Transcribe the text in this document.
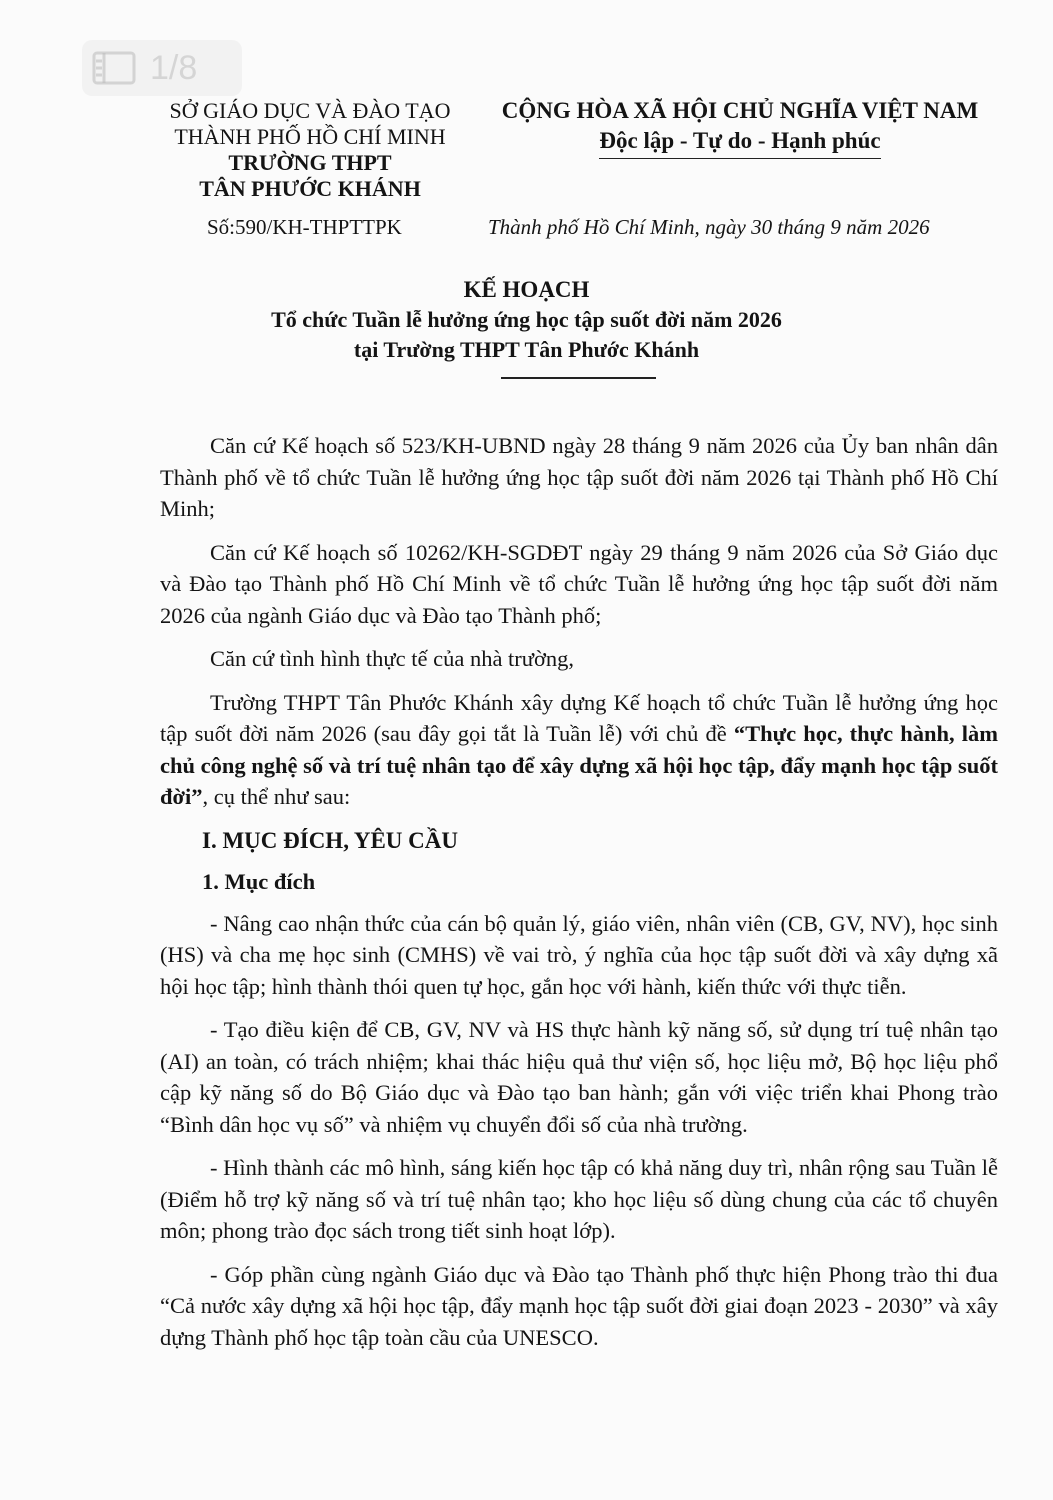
1/8
SỞ GIÁO DỤC VÀ ĐÀO TẠO
THÀNH PHỐ HỒ CHÍ MINH
TRƯỜNG THPT
TÂN PHƯỚC KHÁNH
CỘNG HÒA XÃ HỘI CHỦ NGHĨA VIỆT NAM
Độc lập - Tự do - Hạnh phúc
Số:590/KH-THPTTPK	Thành phố Hồ Chí Minh, ngày 30 tháng 9 năm 2026
KẾ HOẠCH
Tổ chức Tuần lễ hưởng ứng học tập suốt đời năm 2026
tại Trường THPT Tân Phước Khánh

Căn cứ Kế hoạch số 523/KH-UBND ngày 28 tháng 9 năm 2026 của Ủy ban nhân dân Thành phố về tổ chức Tuần lễ hưởng ứng học tập suốt đời năm 2026 tại Thành phố Hồ Chí Minh;

Căn cứ Kế hoạch số 10262/KH-SGDĐT ngày 29 tháng 9 năm 2026 của Sở Giáo dục và Đào tạo Thành phố Hồ Chí Minh về tổ chức Tuần lễ hưởng ứng học tập suốt đời năm 2026 của ngành Giáo dục và Đào tạo Thành phố;

Căn cứ tình hình thực tế của nhà trường,

Trường THPT Tân Phước Khánh xây dựng Kế hoạch tổ chức Tuần lễ hưởng ứng học tập suốt đời năm 2026 (sau đây gọi tắt là Tuần lễ) với chủ đề “Thực học, thực hành, làm chủ công nghệ số và trí tuệ nhân tạo để xây dựng xã hội học tập, đẩy mạnh học tập suốt đời”, cụ thể như sau:

I. MỤC ĐÍCH, YÊU CẦU
1. Mục đích

- Nâng cao nhận thức của cán bộ quản lý, giáo viên, nhân viên (CB, GV, NV), học sinh (HS) và cha mẹ học sinh (CMHS) về vai trò, ý nghĩa của học tập suốt đời và xây dựng xã hội học tập; hình thành thói quen tự học, gắn học với hành, kiến thức với thực tiễn.

- Tạo điều kiện để CB, GV, NV và HS thực hành kỹ năng số, sử dụng trí tuệ nhân tạo (AI) an toàn, có trách nhiệm; khai thác hiệu quả thư viện số, học liệu mở, Bộ học liệu phổ cập kỹ năng số do Bộ Giáo dục và Đào tạo ban hành; gắn với việc triển khai Phong trào “Bình dân học vụ số” và nhiệm vụ chuyển đổi số của nhà trường.

- Hình thành các mô hình, sáng kiến học tập có khả năng duy trì, nhân rộng sau Tuần lễ (Điểm hỗ trợ kỹ năng số và trí tuệ nhân tạo; kho học liệu số dùng chung của các tổ chuyên môn; phong trào đọc sách trong tiết sinh hoạt lớp).

- Góp phần cùng ngành Giáo dục và Đào tạo Thành phố thực hiện Phong trào thi đua “Cả nước xây dựng xã hội học tập, đẩy mạnh học tập suốt đời giai đoạn 2023 - 2030” và xây dựng Thành phố học tập toàn cầu của UNESCO.
